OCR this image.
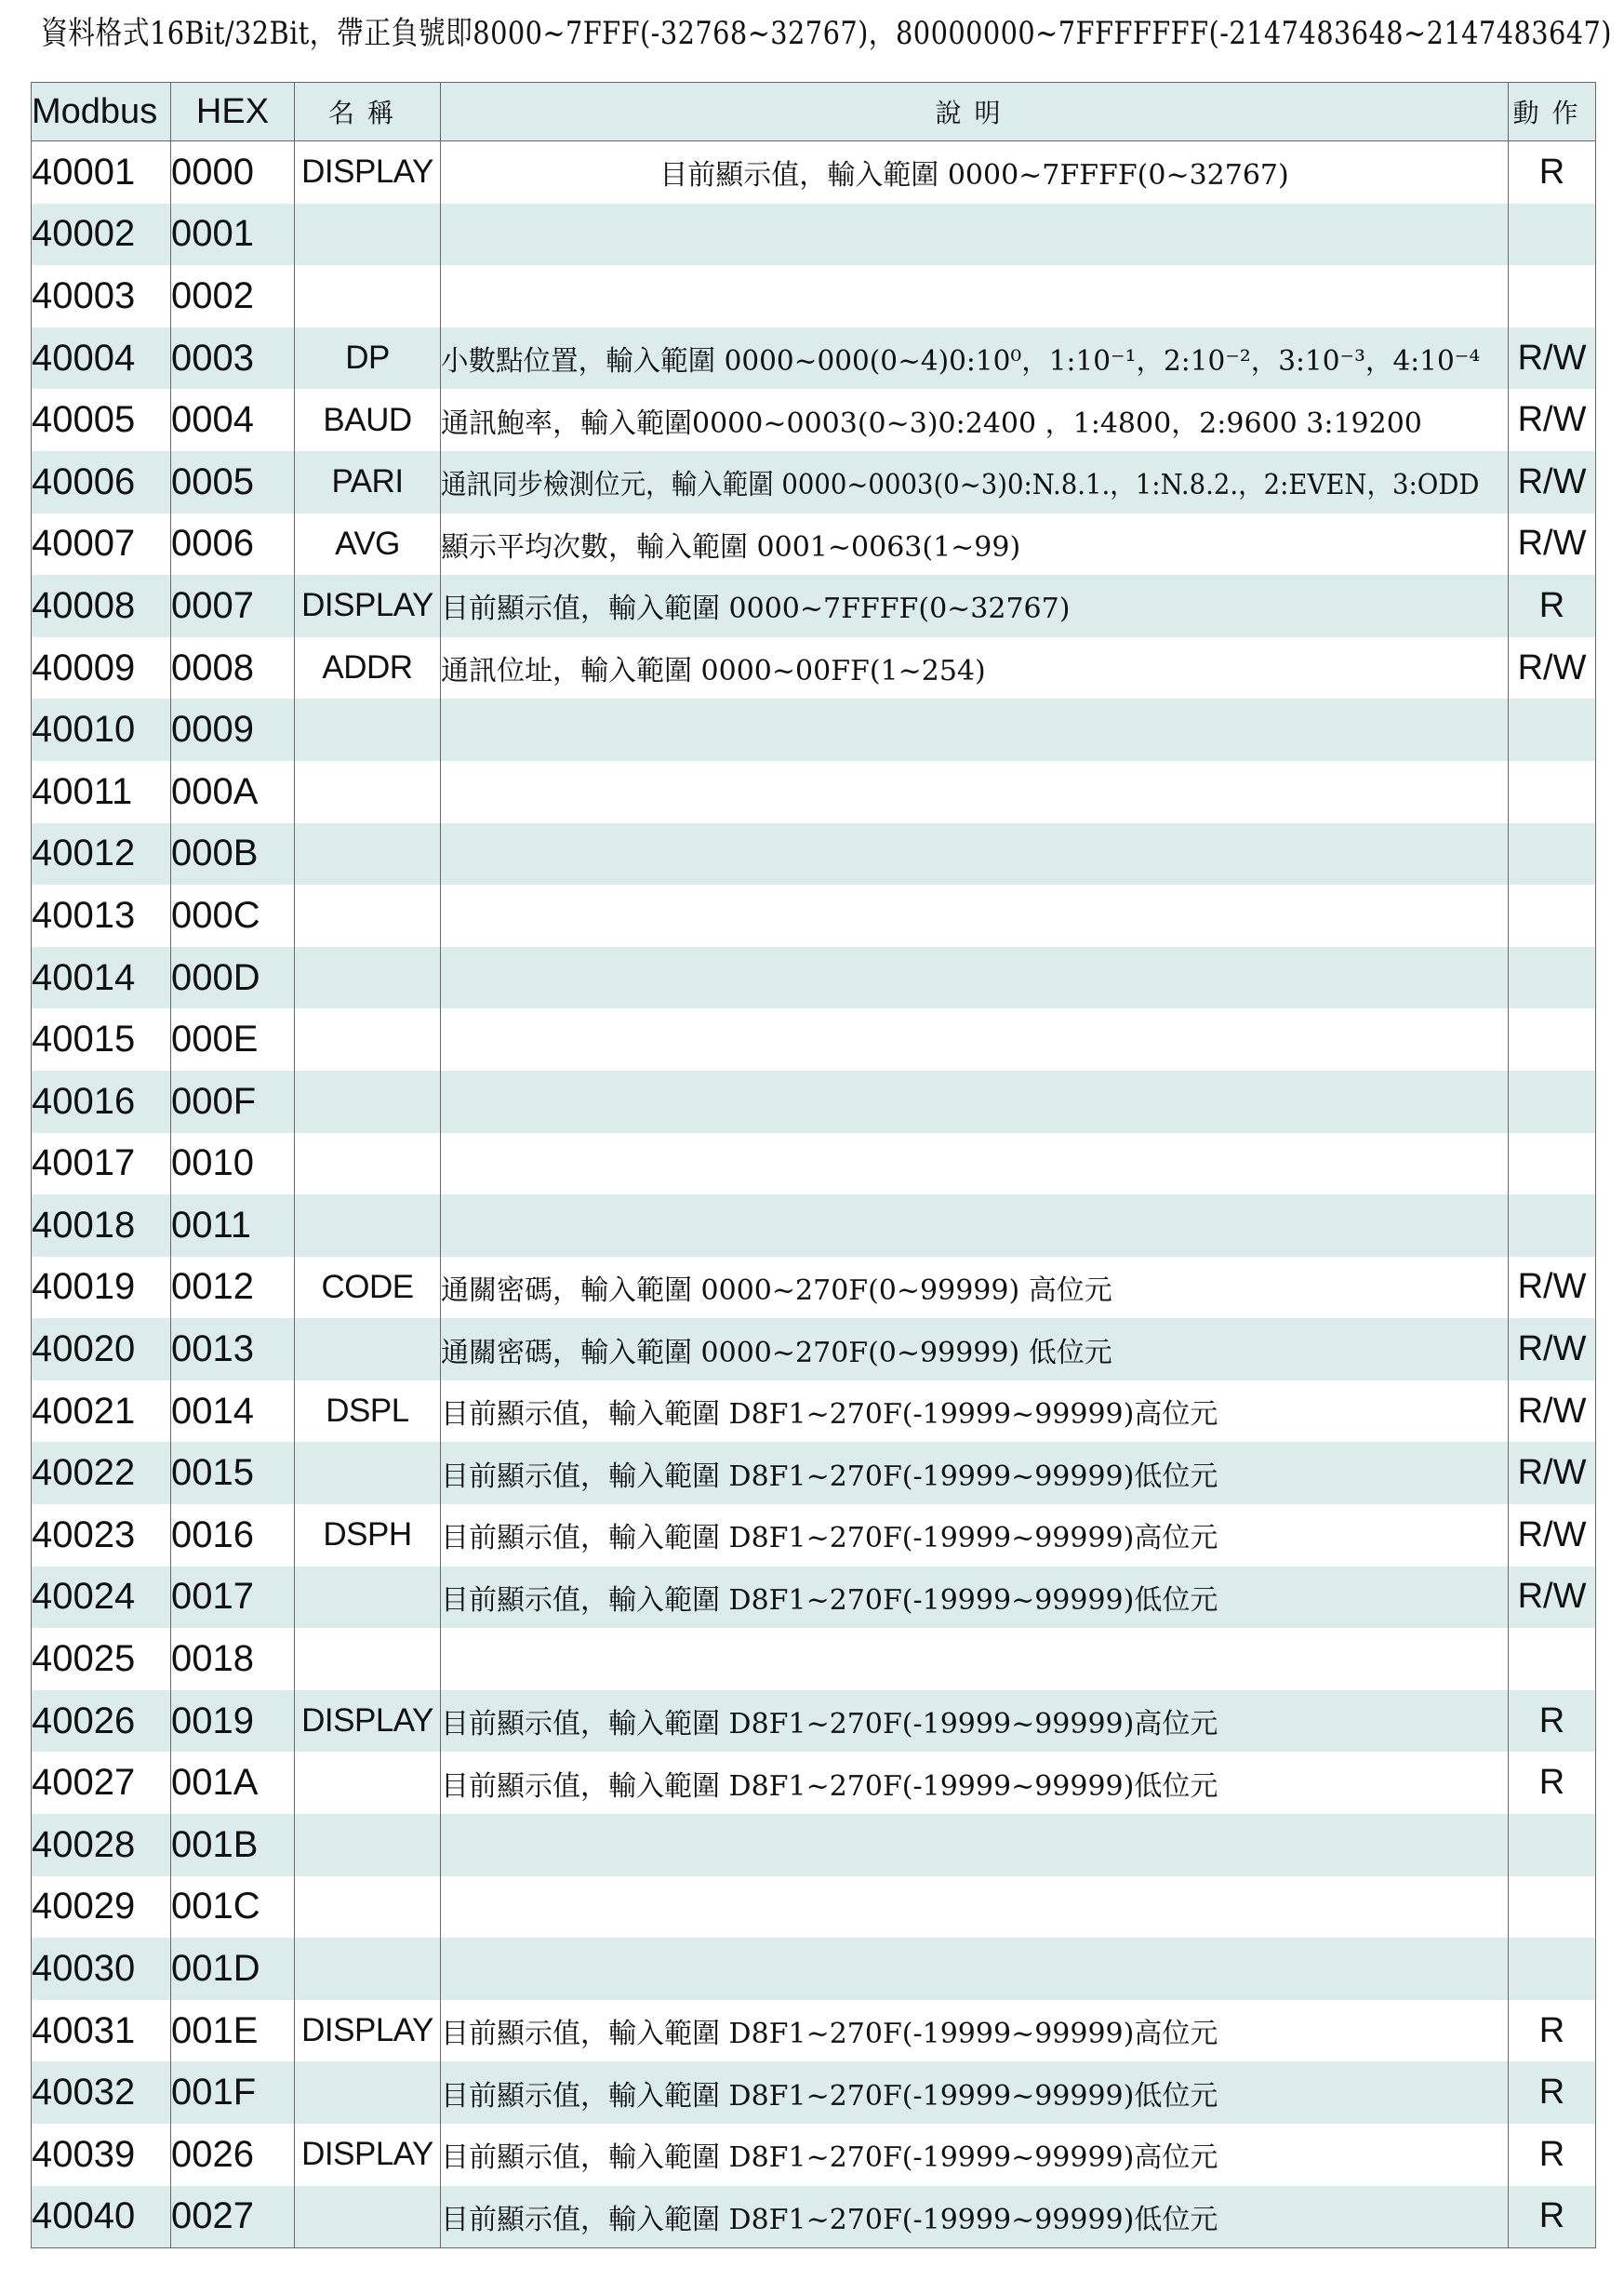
資料格式16Bit/32Bit，帶正負號即8000~7FFF(-32768~32767)，80000000~7FFFFFFF(-2147483648~2147483647)
Modbus	HEX	名稱	說明	動作
40001	0000	DISPLAY	目前顯示值，輸入範圍 0000~7FFFF(0~32767)	R
40002	0001			
40003	0002			
40004	0003	DP	小數點位置，輸入範圍 0000~000(0~4)0:10⁰，1:10⁻¹，2:10⁻²，3:10⁻³，4:10⁻⁴	R/W
40005	0004	BAUD	通訊鮑率，輸入範圍0000~0003(0~3)0:2400 ，1:4800，2:9600 3:19200	R/W
40006	0005	PARI	通訊同步檢測位元，輸入範圍 0000~0003(0~3)0:N.8.1.，1:N.8.2.，2:EVEN，3:ODD	R/W
40007	0006	AVG	顯示平均次數，輸入範圍 0001~0063(1~99)	R/W
40008	0007	DISPLAY	目前顯示值，輸入範圍 0000~7FFFF(0~32767)	R
40009	0008	ADDR	通訊位址，輸入範圍 0000~00FF(1~254)	R/W
40010	0009			
40011	000A			
40012	000B			
40013	000C			
40014	000D			
40015	000E			
40016	000F			
40017	0010			
40018	0011			
40019	0012	CODE	通關密碼，輸入範圍 0000~270F(0~99999) 高位元	R/W
40020	0013		通關密碼，輸入範圍 0000~270F(0~99999) 低位元	R/W
40021	0014	DSPL	目前顯示值，輸入範圍 D8F1~270F(-19999~99999)高位元	R/W
40022	0015		目前顯示值，輸入範圍 D8F1~270F(-19999~99999)低位元	R/W
40023	0016	DSPH	目前顯示值，輸入範圍 D8F1~270F(-19999~99999)高位元	R/W
40024	0017		目前顯示值，輸入範圍 D8F1~270F(-19999~99999)低位元	R/W
40025	0018			
40026	0019	DISPLAY	目前顯示值，輸入範圍 D8F1~270F(-19999~99999)高位元	R
40027	001A		目前顯示值，輸入範圍 D8F1~270F(-19999~99999)低位元	R
40028	001B			
40029	001C			
40030	001D			
40031	001E	DISPLAY	目前顯示值，輸入範圍 D8F1~270F(-19999~99999)高位元	R
40032	001F		目前顯示值，輸入範圍 D8F1~270F(-19999~99999)低位元	R
40039	0026	DISPLAY	目前顯示值，輸入範圍 D8F1~270F(-19999~99999)高位元	R
40040	0027		目前顯示值，輸入範圍 D8F1~270F(-19999~99999)低位元	R
